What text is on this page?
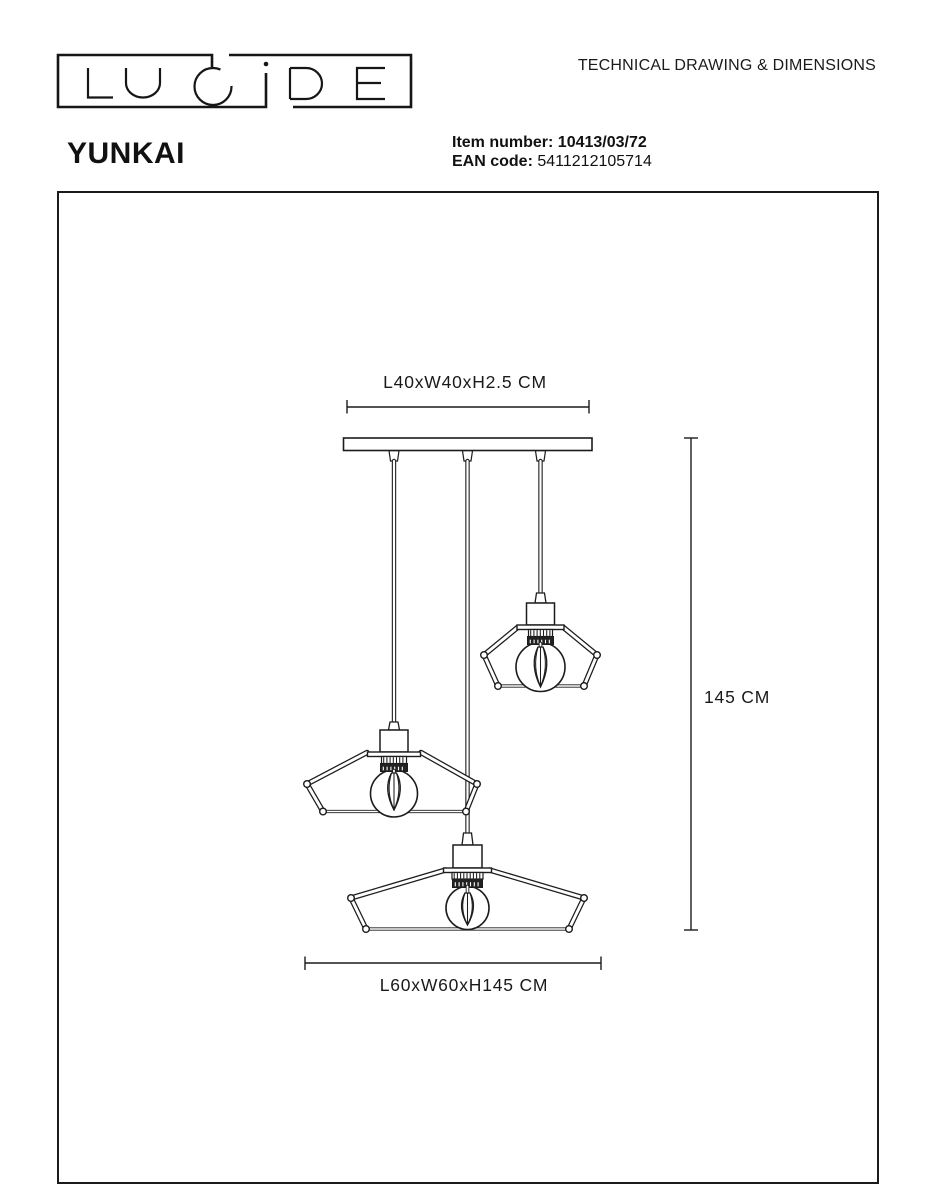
TECHNICAL DRAWING & DIMENSIONS
YUNKAI	Item number: 10413/03/72
EAN code: 5411212105714
L40xW40xH2.5 CM
145 CM
L60xW60xH145 CM
